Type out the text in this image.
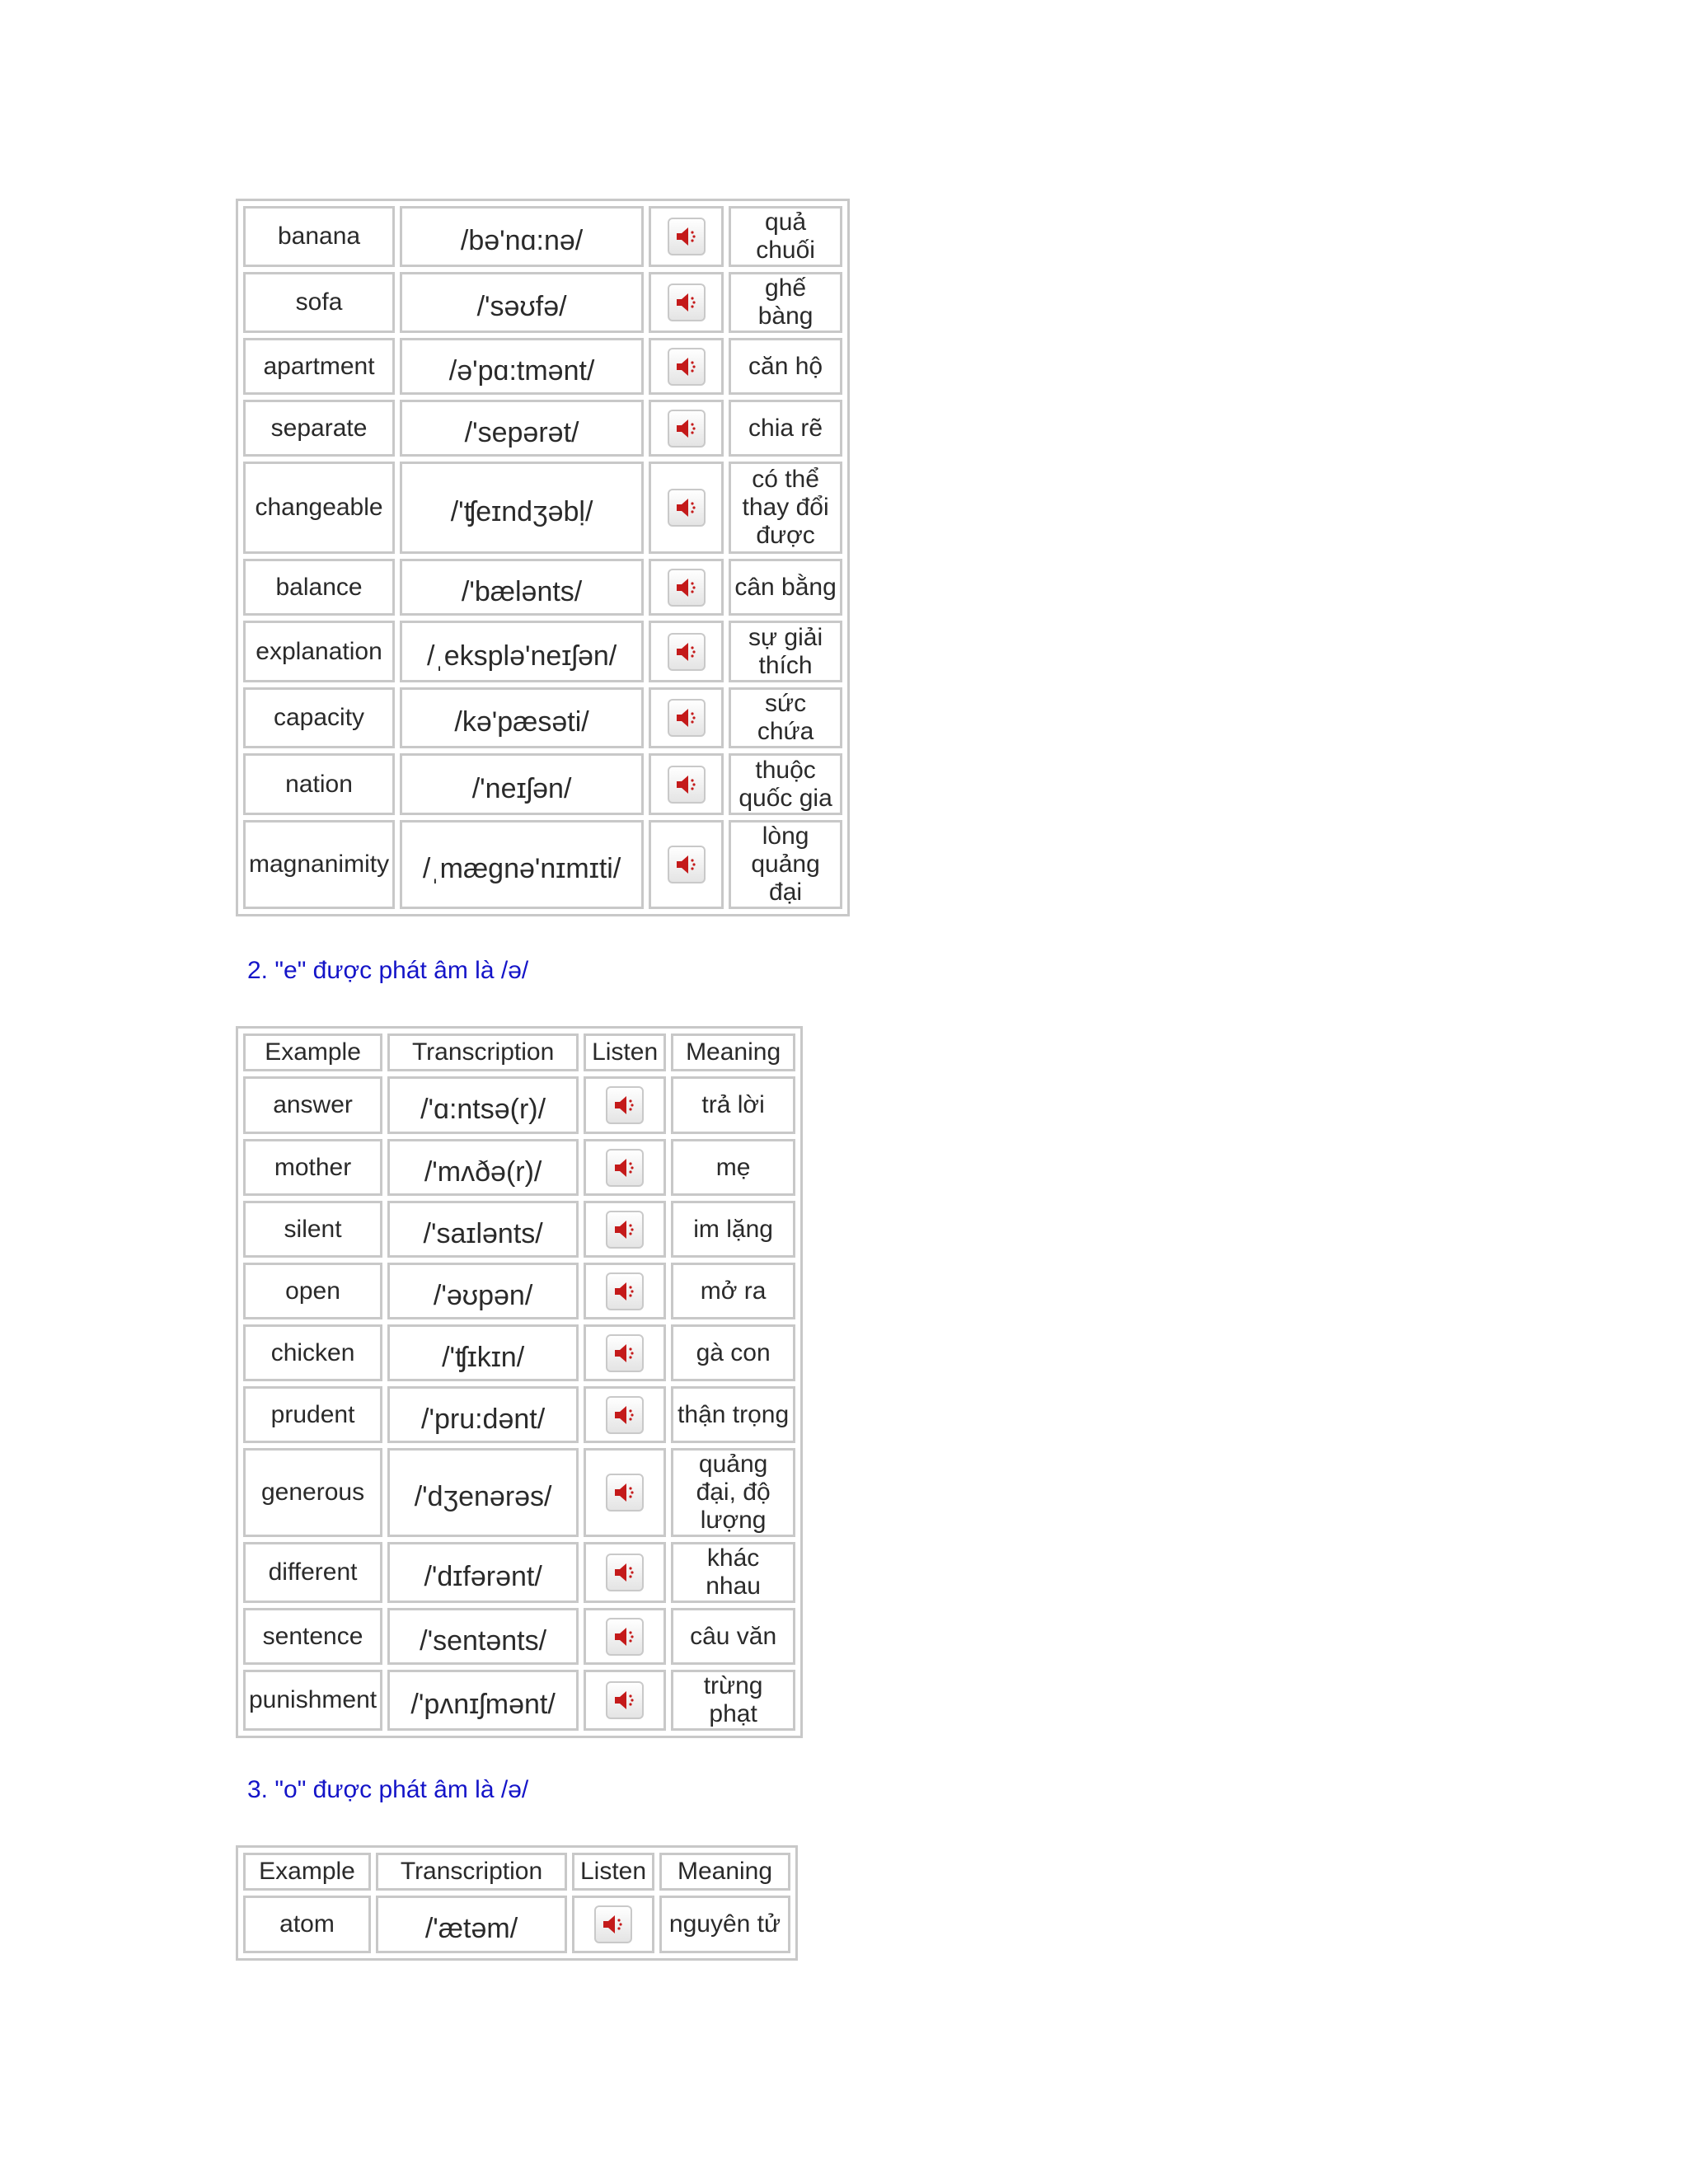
banana	/bə'nɑ:nə/		quả chuối
sofa	/'səʊfə/		ghế bàng
apartment	/ə'pɑ:tmənt/		căn hộ
separate	/'sepərət/		chia rẽ
changeable	/'ʧeɪndʒəbḷ/		có thể thay đổi được
balance	/'bælənts/		cân bằng
explanation	/ˌeksplə'neɪʃən/		sự giải thích
capacity	/kə'pæsəti/		sức chứa
nation	/'neɪʃən/		thuộc quốc gia
magnanimity	/ˌmægnə'nɪmɪti/		lòng quảng đại
2. "e" được phát âm là /ə/
Example	Transcription	Listen	Meaning
answer	/'ɑ:ntsə(r)/		trả lời
mother	/'mʌðə(r)/		mẹ
silent	/'saɪlənts/		im lặng
open	/'əʊpən/		mở ra
chicken	/'ʧɪkɪn/		gà con
prudent	/'pru:dənt/		thận trọng
generous	/'dʒenərəs/		quảng đại, độ lượng
different	/'dɪfərənt/		khác nhau
sentence	/'sentənts/		câu văn
punishment	/'pʌnɪʃmənt/		trừng phạt
3. "o" được phát âm là /ə/
Example	Transcription	Listen	Meaning
atom	/'ætəm/		nguyên tử
